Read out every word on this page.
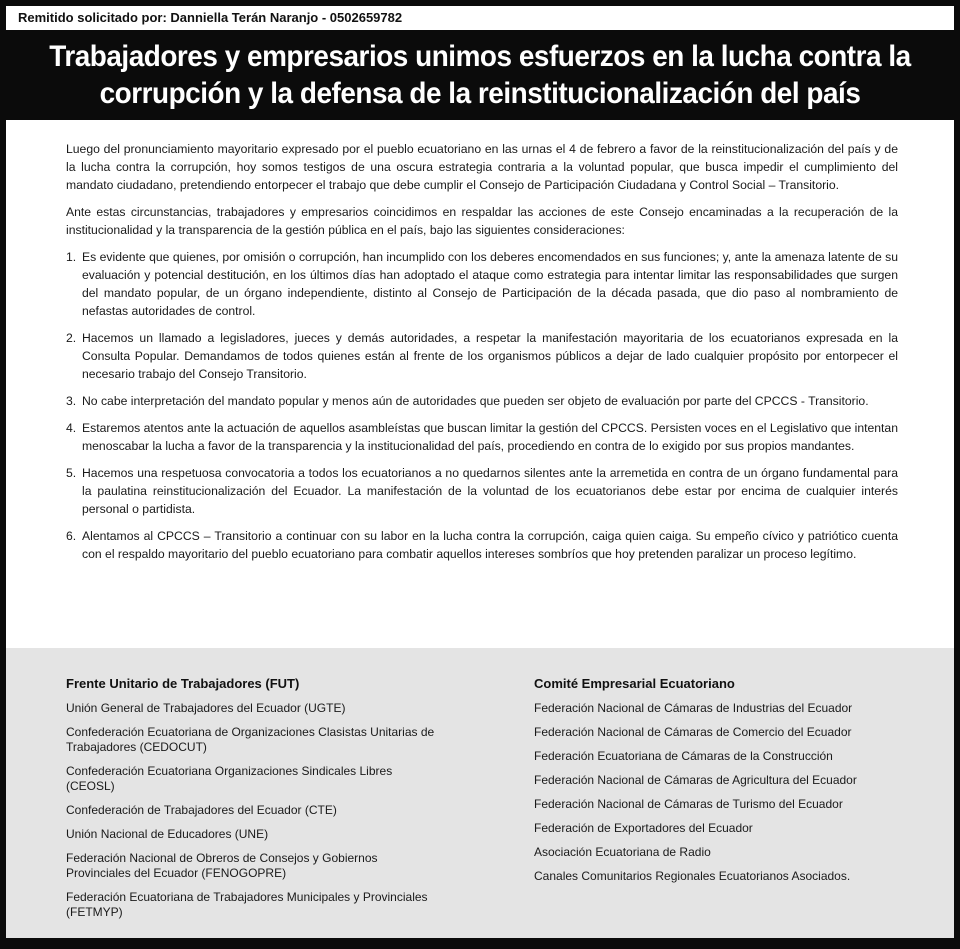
Remitido solicitado por: Danniella Terán Naranjo - 0502659782
Trabajadores y empresarios unimos esfuerzos en la lucha contra la
corrupción y la defensa de la reinstitucionalización del país

Luego del pronunciamiento mayoritario expresado por el pueblo ecuatoriano en las urnas el 4 de febrero a favor de la reinstitucionalización del país y de la lucha contra la corrupción, hoy somos testigos de una oscura estrategia contraria a la voluntad popular, que busca impedir el cumplimiento del mandato ciudadano, pretendiendo entorpecer el trabajo que debe cumplir el Consejo de Participación Ciudadana y Control Social – Transitorio.

Ante estas circunstancias, trabajadores y empresarios coincidimos en respaldar las acciones de este Consejo encaminadas a la recuperación de la institucionalidad y la transparencia de la gestión pública en el país, bajo las siguientes consideraciones:

1. Es evidente que quienes, por omisión o corrupción, han incumplido con los deberes encomendados en sus funciones; y, ante la amenaza latente de su evaluación y potencial destitución, en los últimos días han adoptado el ataque como estrategia para intentar limitar las responsabilidades que surgen del mandato popular, de un órgano independiente, distinto al Consejo de Participación de la década pasada, que dio paso al nombramiento de nefastas autoridades de control.
2. Hacemos un llamado a legisladores, jueces y demás autoridades, a respetar la manifestación mayoritaria de los ecuatorianos expresada en la Consulta Popular. Demandamos de todos quienes están al frente de los organismos públicos a dejar de lado cualquier propósito por entorpecer el necesario trabajo del Consejo Transitorio.
3. No cabe interpretación del mandato popular y menos aún de autoridades que pueden ser objeto de evaluación por parte del CPCCS - Transitorio.
4. Estaremos atentos ante la actuación de aquellos asambleístas que buscan limitar la gestión del CPCCS. Persisten voces en el Legislativo que intentan menoscabar la lucha a favor de la transparencia y la institucionalidad del país, procediendo en contra de lo exigido por sus propios mandantes.
5. Hacemos una respetuosa convocatoria a todos los ecuatorianos a no quedarnos silentes ante la arremetida en contra de un órgano fundamental para la paulatina reinstitucionalización del Ecuador. La manifestación de la voluntad de los ecuatorianos debe estar por encima de cualquier interés personal o partidista.
6. Alentamos al CPCCS – Transitorio a continuar con su labor en la lucha contra la corrupción, caiga quien caiga. Su empeño cívico y patriótico cuenta con el respaldo mayoritario del pueblo ecuatoriano para combatir aquellos intereses sombríos que hoy pretenden paralizar un proceso legítimo.
Frente Unitario de Trabajadores (FUT)
Unión General de Trabajadores del Ecuador (UGTE)
Confederación Ecuatoriana de Organizaciones Clasistas Unitarias de Trabajadores (CEDOCUT)
Confederación Ecuatoriana Organizaciones Sindicales Libres (CEOSL)
Confederación de Trabajadores del Ecuador (CTE)
Unión Nacional de Educadores (UNE)
Federación Nacional de Obreros de Consejos y Gobiernos Provinciales del Ecuador (FENOGOPRE)
Federación Ecuatoriana de Trabajadores Municipales y Provinciales (FETMYP)
Comité Empresarial Ecuatoriano
Federación Nacional de Cámaras de Industrias del Ecuador
Federación Nacional de Cámaras de Comercio del Ecuador
Federación Ecuatoriana de Cámaras de la Construcción
Federación Nacional de Cámaras de Agricultura del Ecuador
Federación Nacional de Cámaras de Turismo del Ecuador
Federación de Exportadores del Ecuador
Asociación Ecuatoriana de Radio
Canales Comunitarios Regionales Ecuatorianos Asociados.
